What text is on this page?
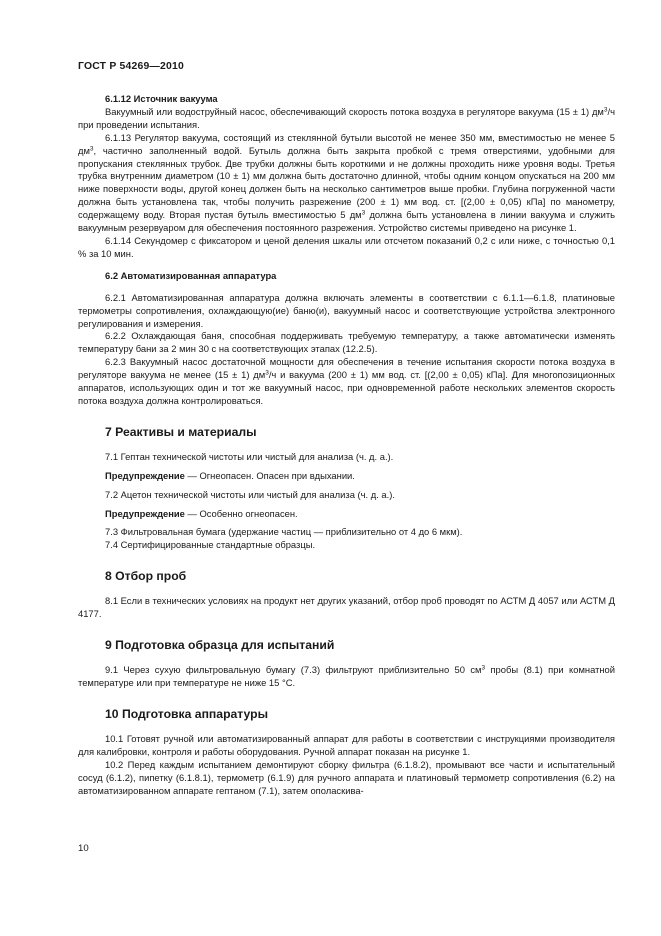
ГОСТ Р 54269—2010

6.1.12 Источник вакуума

Вакуумный или водоструйный насос, обеспечивающий скорость потока воздуха в регуляторе вакуума (15 ± 1) $дм^3/ч$ при проведении испытания.

6.1.13 Регулятор вакуума, состоящий из стеклянной бутыли высотой не менее 350 мм, вместимостью не менее 5 $дм^3$, частично заполненный водой. Бутыль должна быть закрыта пробкой с тремя отверстиями, удобными для пропускания стеклянных трубок. Две трубки должны быть короткими и не должны проходить ниже уровня воды. Третья трубка внутренним диаметром (10 ± 1) мм должна быть достаточно длинной, чтобы одним концом опускаться на 200 мм ниже поверхности воды, другой конец должен быть на несколько сантиметров выше пробки. Глубина погруженной части должна быть установлена так, чтобы получить разрежение (200 ± 1) мм вод. ст. [(2,00 ± 0,05) кПа] по манометру, содержащему воду. Вторая пустая бутыль вместимостью 5 $дм^3$ должна быть установлена в линии вакуума и служить вакуумным резервуаром для обеспечения постоянного разрежения. Устройство системы приведено на рисунке 1.

6.1.14 Секундомер с фиксатором и ценой деления шкалы или отсчетом показаний 0,2 с или ниже, с точностью 0,1 % за 10 мин.

6.2 Автоматизированная аппаратура

6.2.1 Автоматизированная аппаратура должна включать элементы в соответствии с 6.1.1—6.1.8, платиновые термометры сопротивления, охлаждающую(ие) баню(и), вакуумный насос и соответствующие устройства электронного регулирования и измерения.

6.2.2 Охлаждающая баня, способная поддерживать требуемую температуру, а также автоматически изменять температуру бани за 2 мин 30 с на соответствующих этапах (12.2.5).

6.2.3 Вакуумный насос достаточной мощности для обеспечения в течение испытания скорости потока воздуха в регуляторе вакуума не менее (15 ± 1) $дм^3/ч$ и вакуума (200 ± 1) мм вод. ст. [(2,00 ± 0,05) кПа]. Для многопозиционных аппаратов, использующих один и тот же вакуумный насос, при одновременной работе нескольких элементов скорость потока воздуха должна контролироваться.

7 Реактивы и материалы

7.1 Гептан технической чистоты или чистый для анализа (ч. д. а.).

Предупреждение — Огнеопасен. Опасен при вдыхании.

7.2 Ацетон технической чистоты или чистый для анализа (ч. д. а.).

Предупреждение — Особенно огнеопасен.

7.3 Фильтровальная бумага (удержание частиц — приблизительно от 4 до 6 мкм).

7.4 Сертифицированные стандартные образцы.

8 Отбор проб

8.1 Если в технических условиях на продукт нет других указаний, отбор проб проводят по АСТМ Д 4057 или АСТМ Д 4177.

9 Подготовка образца для испытаний

9.1 Через сухую фильтровальную бумагу (7.3) фильтруют приблизительно 50 $см^3$ пробы (8.1) при комнатной температуре или при температуре не ниже 15 °С.

10 Подготовка аппаратуры

10.1 Готовят ручной или автоматизированный аппарат для работы в соответствии с инструкциями производителя для калибровки, контроля и работы оборудования. Ручной аппарат показан на рисунке 1.

10.2 Перед каждым испытанием демонтируют сборку фильтра (6.1.8.2), промывают все части и испытательный сосуд (6.1.2), пипетку (6.1.8.1), термометр (6.1.9) для ручного аппарата и платиновый термометр сопротивления (6.2) на автоматизированном аппарате гептаном (7.1), затем ополаскива-

10
